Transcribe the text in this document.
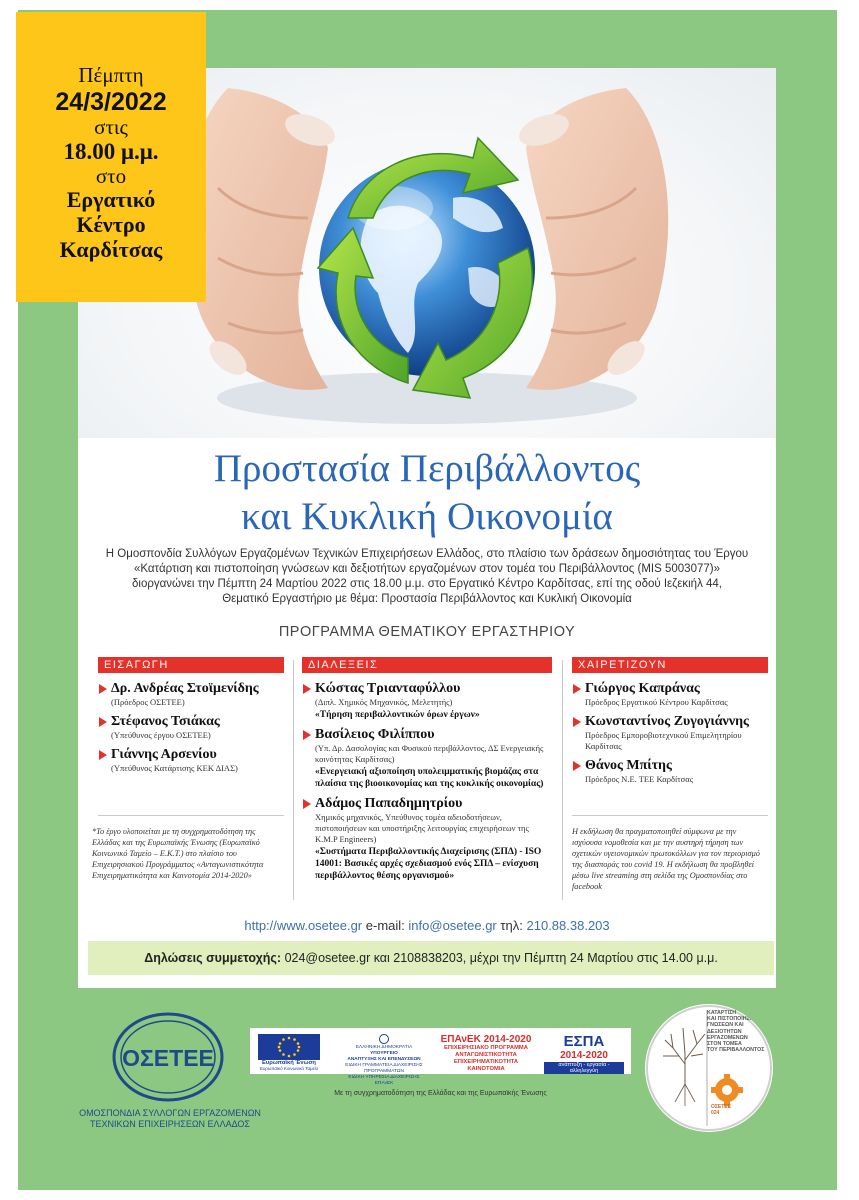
Πέμπτη
24/3/2022
στις
18.00 μ.μ.
στο
Εργατικό
Κέντρο
Καρδίτσας
Προστασία Περιβάλλοντος
και Κυκλική Οικονομία
Η Ομοσπονδία Συλλόγων Εργαζομένων Τεχνικών Επιχειρήσεων Ελλάδος, στο πλαίσιο των δράσεων δημοσιότητας του Έργου
«Κατάρτιση και πιστοποίηση γνώσεων και δεξιοτήτων εργαζομένων στον τομέα του Περιβάλλοντος (MIS 5003077)»
διοργανώνει την Πέμπτη 24 Μαρτίου 2022 στις 18.00 μ.μ. στο Εργατικό Κέντρο Καρδίτσας, επί της οδού Ιεζεκιήλ 44,
Θεματικό Εργαστήριο με θέμα: Προστασία Περιβάλλοντος και Κυκλική Οικονομία
ΠΡΟΓΡΑΜΜΑ ΘΕΜΑΤΙΚΟΥ ΕΡΓΑΣΤΗΡΙΟΥ
ΕΙΣΑΓΩΓΗ
Δρ. Ανδρέας Στοϊμενίδης
(Πρόεδρος ΟΣΕΤΕΕ)
Στέφανος Τσιάκας
(Υπεύθυνος έργου ΟΣΕΤΕΕ)
Γιάννης Αρσενίου
(Υπεύθυνος Κατάρτισης ΚΕΚ ΔΙΑΣ)
ΔΙΑΛΕΞΕΙΣ
Κώστας Τριανταφύλλου
(Διπλ. Χημικός Μηχανικός, Μελετητής)
«Τήρηση περιβαλλοντικών όρων έργων»
Βασίλειος Φιλίππου
(Υπ. Δρ. Δασολογίας και Φυσικού περιβάλλοντος, ΔΣ Ενεργειακής κοινότητας Καρδίτσας)
«Ενεργειακή αξιοποίηση υπολειμματικής βιομάζας στα πλαίσια της βιοοικονομίας και της κυκλικής οικονομίας)
Αδάμος Παπαδημητρίου
Χημικός μηχανικός, Υπεύθυνος τομέα αδειοδοτήσεων, πιστοποιήσεων και υποστήριξης λειτουργίας επιχειρήσεων της K.M.P Engineers)
«Συστήματα Περιβαλλοντικής Διαχείρισης (ΣΠΔ) - ISO 14001: Βασικές αρχές σχεδιασμού ενός ΣΠΔ – ενίσχυση περιβάλλοντος θέσης οργανισμού»
ΧΑΙΡΕΤΙΖΟΥΝ
Γιώργος Καπράνας
Πρόεδρος Εργατικού Κέντρου Καρδίτσας
Κωνσταντίνος Ζυγογιάννης
Πρόεδρος Εμποροβιοτεχνικού Επιμελητηρίου Καρδίτσας
Θάνος Μπίτης
Πρόεδρος Ν.Ε. ΤΕΕ Καρδίτσας
*Το έργο υλοποιείται με τη συγχρηματοδότηση της Ελλάδας και της Ευρωπαϊκής Ένωσης (Ευρωπαϊκό Κοινωνικό Ταμείο – Ε.Κ.Τ.) στο πλαίσιο του Επιχειρησιακού Προγράμματος «Ανταγωνιστικότητα Επιχειρηματικότητα και Καινοτομία 2014-2020»
Η εκδήλωση θα πραγματοποιηθεί σύμφωνα με την ισχύουσα νομοθεσία και με την αυστηρή τήρηση των σχετικών υγειονομικών πρωτοκόλλων για τον περιορισμό της διασποράς του covid 19. Η εκδήλωση θα προβληθεί μέσω live streaming στη σελίδα της Ομοσπονδίας στο facebook
http://www.osetee.gr e-mail: info@osetee.gr τηλ: 210.88.38.203
Δηλώσεις συμμετοχής: 024@osetee.gr και 2108838203, μέχρι την Πέμπτη 24 Μαρτίου στις 14.00 μ.μ.
ΟΣΕΤΕΕ
ΟΜΟΣΠΟΝΔΙΑ ΣΥΛΛΟΓΩΝ ΕΡΓΑΖΟΜΕΝΩΝ
ΤΕΧΝΙΚΩΝ ΕΠΙΧΕΙΡΗΣΕΩΝ ΕΛΛΑΔΟΣ
Ευρωπαϊκή Ένωση
Ευρωπαϊκό Κοινωνικό Ταμείο
ΕΛΛΗΝΙΚΗ ΔΗΜΟΚΡΑΤΙΑ
ΥΠΟΥΡΓΕΙΟ
ΑΝΑΠΤΥΞΗΣ ΚΑΙ ΕΠΕΝΔΥΣΕΩΝ
ΕΙΔΙΚΗ ΓΡΑΜΜΑΤΕΙΑ ΔΙΑΧΕΙΡΙΣΗΣ ΠΡΟΓΡΑΜΜΑΤΩΝ
ΕΙΔΙΚΗ ΥΠΗΡΕΣΙΑ ΔΙΑΧΕΙΡΙΣΗΣ ΕΠΑνΕΚ
ΕΠΑνΕΚ 2014-2020
ΕΠΙΧΕΙΡΗΣΙΑΚΟ ΠΡΟΓΡΑΜΜΑ
ΑΝΤΑΓΩΝΙΣΤΙΚΟΤΗΤΑ
ΕΠΙΧΕΙΡΗΜΑΤΙΚΟΤΗΤΑ
ΚΑΙΝΟΤΟΜΙΑ
ΕΣΠΑ
2014-2020
ανάπτυξη - εργασία - αλληλεγγύη
Με τη συγχρηματοδότηση της Ελλάδας και της Ευρωπαϊκής Ένωσης
ΚΑΤΑΡΤΙΣΗ
ΚΑΙ ΠΙΣΤΟΠΟΙΗΣΗ
ΓΝΩΣΕΩΝ ΚΑΙ
ΔΕΞΙΟΤΗΤΩΝ
ΕΡΓΑΖΟΜΕΝΩΝ
ΣΤΟΝ ΤΟΜΕΑ
ΤΟΥ ΠΕΡΙΒΑΛΛΟΝΤΟΣ
ΟΣΕΤΕΕ
024
